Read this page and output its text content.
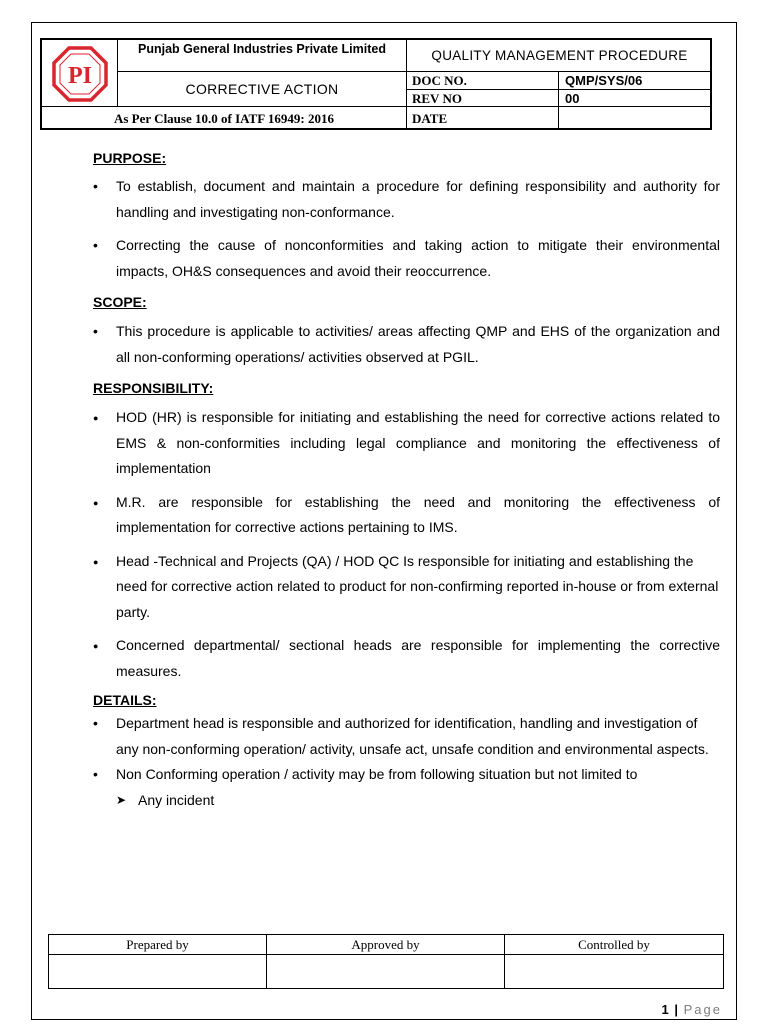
PI
Punjab General Industries Private Limited
CORRECTIVE ACTION
QUALITY MANAGEMENT PROCEDURE
DOC NO.	QMP/SYS/06
REV NO	00
As Per Clause 10.0 of IATF 16949: 2016	DATE

PURPOSE:

• To establish, document and maintain a procedure for defining responsibility and authority for handling and investigating non-conformance.
• Correcting the cause of nonconformities and taking action to mitigate their environmental impacts, OH&S consequences and avoid their reoccurrence.

SCOPE:

• This procedure is applicable to activities/ areas affecting QMP and EHS of the organization and all non-conforming operations/ activities observed at PGIL.

RESPONSIBILITY:

● HOD (HR) is responsible for initiating and establishing the need for corrective actions related to EMS & non-conformities including legal compliance and monitoring the effectiveness of implementation
● M.R. are responsible for establishing the need and monitoring the effectiveness of implementation for corrective actions pertaining to IMS.
● Head -Technical and Projects (QA) / HOD QC Is responsible for initiating and establishing the need for corrective action related to product for non-confirming reported in-house or from external party.
● Concerned departmental/ sectional heads are responsible for implementing the corrective measures.

DETAILS:

• Department head is responsible and authorized for identification, handling and investigation of any non-conforming operation/ activity, unsafe act, unsafe condition and environmental aspects.
• Non Conforming operation / activity may be from following situation but not limited to
➤ Any incident
Prepared by	Approved by	Controlled by

1 | Page
